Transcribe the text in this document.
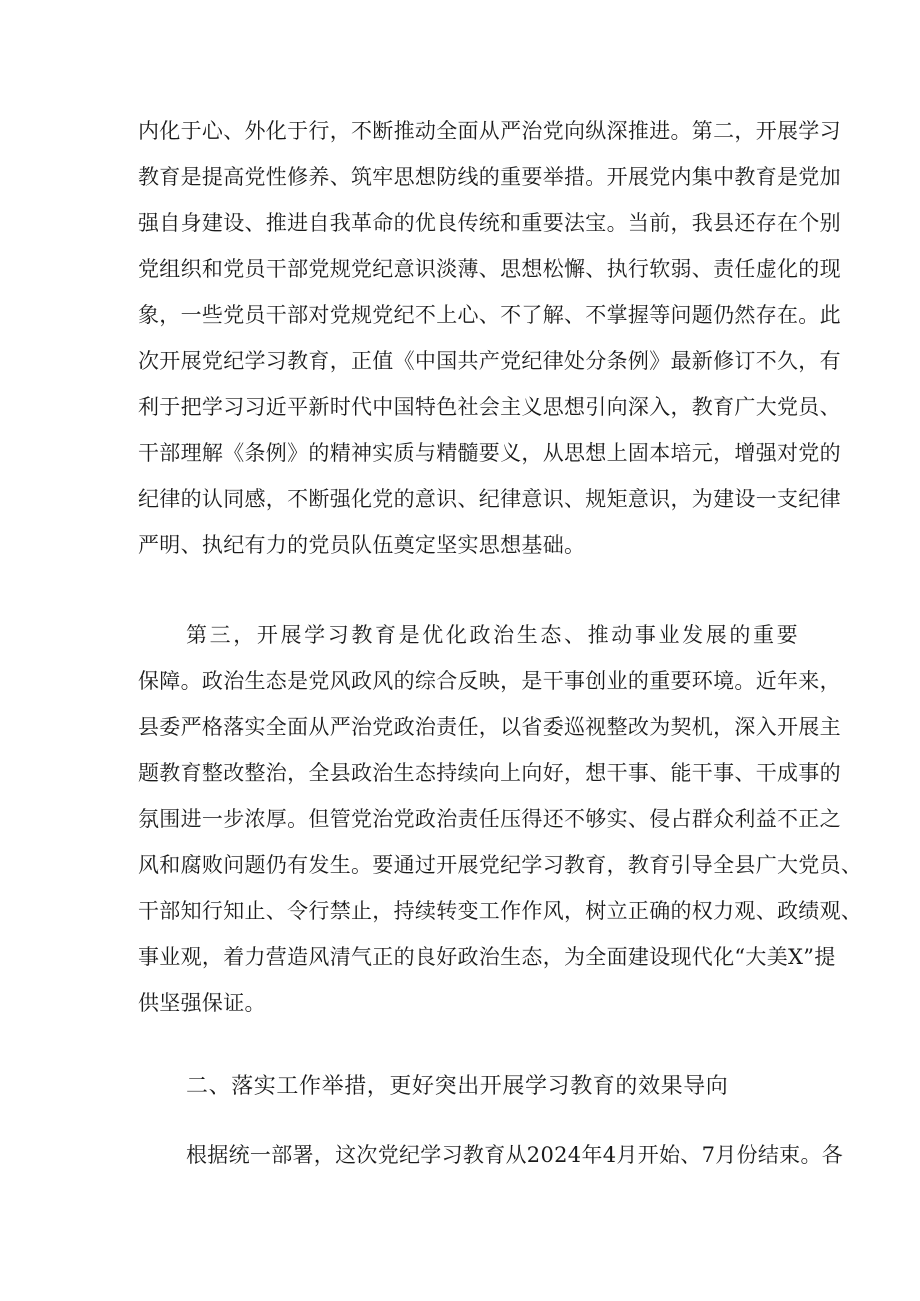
内化于心、外化于行，不断推动全面从严治党向纵深推进。第二，开展学习
教育是提高党性修养、筑牢思想防线的重要举措。开展党内集中教育是党加
强自身建设、推进自我革命的优良传统和重要法宝。当前，我县还存在个别
党组织和党员干部党规党纪意识淡薄、思想松懈、执行软弱、责任虚化的现
象，一些党员干部对党规党纪不上心、不了解、不掌握等问题仍然存在。此
次开展党纪学习教育，正值《中国共产党纪律处分条例》最新修订不久，有
利于把学习习近平新时代中国特色社会主义思想引向深入，教育广大党员、
干部理解《条例》的精神实质与精髓要义，从思想上固本培元，增强对党的
纪律的认同感，不断强化党的意识、纪律意识、规矩意识，为建设一支纪律
严明、执纪有力的党员队伍奠定坚实思想基础。
第三，开展学习教育是优化政治生态、推动事业发展的重要
保障。政治生态是党风政风的综合反映，是干事创业的重要环境。近年来，
县委严格落实全面从严治党政治责任，以省委巡视整改为契机，深入开展主
题教育整改整治，全县政治生态持续向上向好，想干事、能干事、干成事的
氛围进一步浓厚。但管党治党政治责任压得还不够实、侵占群众利益不正之
风和腐败问题仍有发生。要通过开展党纪学习教育，教育引导全县广大党员、
干部知行知止、令行禁止，持续转变工作作风，树立正确的权力观、政绩观、
事业观，着力营造风清气正的良好政治生态，为全面建设现代化“大美X”提
供坚强保证。
二、落实工作举措，更好突出开展学习教育的效果导向
根据统一部署，这次党纪学习教育从2024年4月开始、7月份结束。各
